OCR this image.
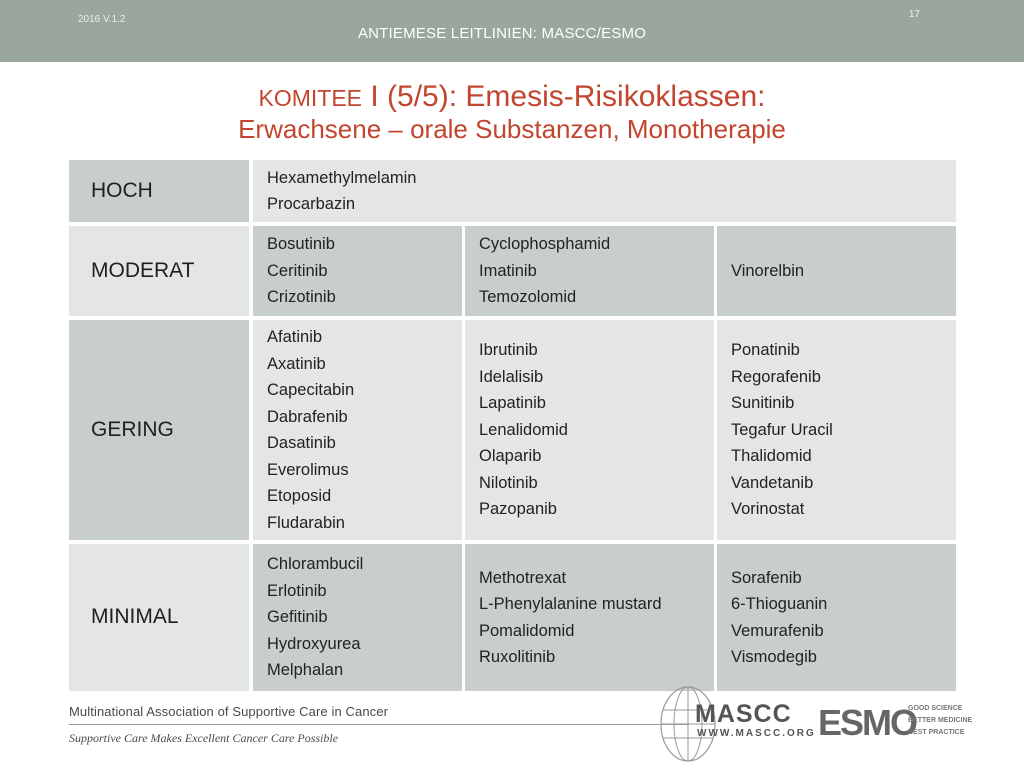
2016 V.1.2
ANTIEMESE LEITLINIEN: MASCC/ESMO
17
KOMITEE I (5/5): Emesis-Risikoklassen:
Erwachsene – orale Substanzen, Monotherapie
HOCH
Hexamethylmelamin
Procarbazin
MODERAT
Bosutinib
Ceritinib
Crizotinib
Cyclophosphamid
Imatinib
Temozolomid
Vinorelbin
GERING
Afatinib
Axatinib
Capecitabin
Dabrafenib
Dasatinib
Everolimus
Etoposid
Fludarabin
Ibrutinib
Idelalisib
Lapatinib
Lenalidomid
Olaparib
Nilotinib
Pazopanib
Ponatinib
Regorafenib
Sunitinib
Tegafur Uracil
Thalidomid
Vandetanib
Vorinostat
MINIMAL
Chlorambucil
Erlotinib
Gefitinib
Hydroxyurea
Melphalan
Methotrexat
L-Phenylalanine mustard
Pomalidomid
Ruxolitinib
Sorafenib
6-Thioguanin
Vemurafenib
Vismodegib
Multinational Association of Supportive Care in Cancer
Supportive Care Makes Excellent Cancer Care Possible
MASCC
WWW.MASCC.ORG ESMO
GOOD SCIENCE
BETTER MEDICINE
BEST PRACTICE
